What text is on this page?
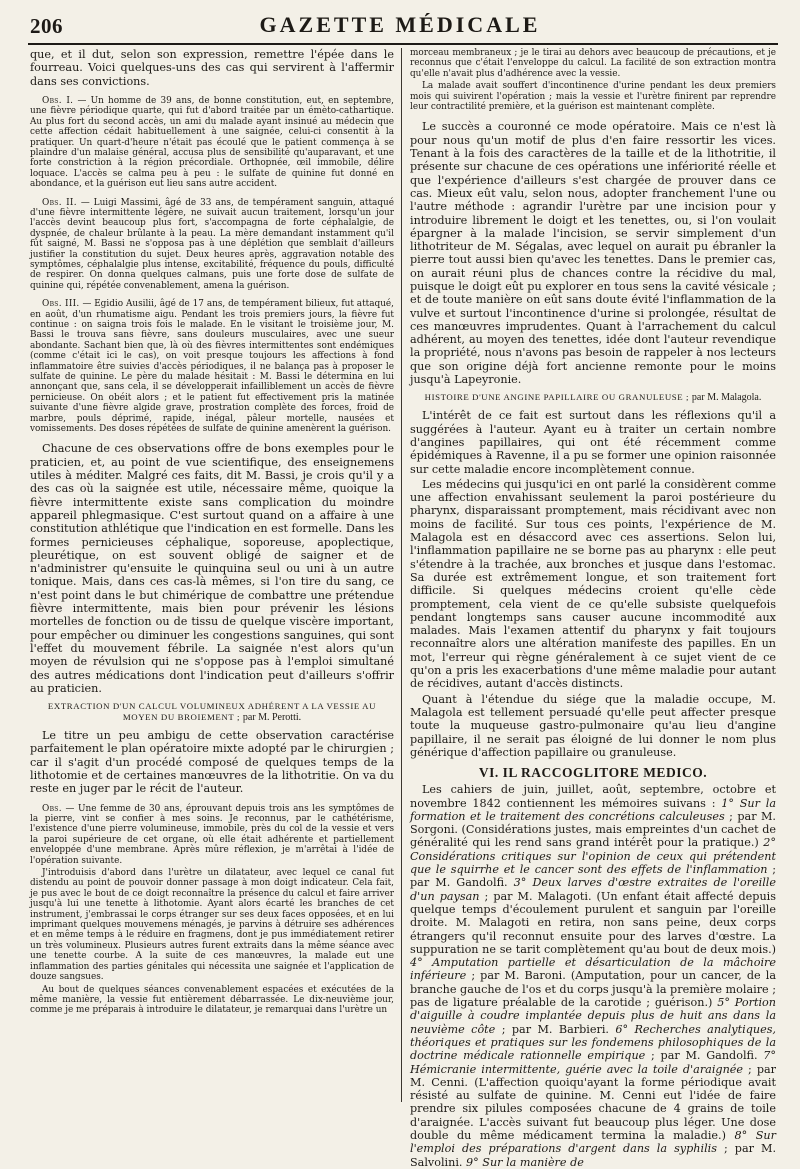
206	GAZETTE MÉDICALE

que, et il dut, selon son expression, remettre l'épée dans le fourreau. Voici quelques-uns des cas qui servirent à l'affermir dans ses convictions.

Obs. I. — Un homme de 39 ans, de bonne constitution, eut, en septembre, une fièvre périodique quarte, qui fut d'abord traitée par un émèto-cathartique. Au plus fort du second accès, un ami du malade ayant insinué au médecin que cette affection cédait habituellement à une saignée, celui-ci consentit à la pratiquer. Un quart-d'heure n'était pas écoulé que le patient commença à se plaindre d'un malaise général, accusa plus de sensibilité qu'auparavant, et une forte constriction à la région précordiale. Orthopnée, œil immobile, délire loquace. L'accès se calma peu à peu : le sulfate de quinine fut donné en abondance, et la guérison eut lieu sans autre accident.

Obs. II. — Luigi Massimi, âgé de 33 ans, de tempérament sanguin, attaqué d'une fièvre intermittente légère, ne suivait aucun traitement, lorsqu'un jour l'accès devint beaucoup plus fort, s'accompagna de forte céphalalgie, de dyspnée, de chaleur brûlante à la peau. La mère demandant instamment qu'il fût saigné, M. Bassi ne s'opposa pas à une déplétion que semblait d'ailleurs justifier la constitution du sujet. Deux heures après, aggravation notable des symptômes, céphalalgie plus intense, excitabilité, fréquence du pouls, difficulté de respirer. On donna quelques calmans, puis une forte dose de sulfate de quinine qui, répétée convenablement, amena la guérison.

Obs. III. — Egidio Ausilii, âgé de 17 ans, de tempérament bilieux, fut attaqué, en août, d'un rhumatisme aigu. Pendant les trois premiers jours, la fièvre fut continue : on saigna trois fois le malade. En le visitant le troisième jour, M. Bassi le trouva sans fièvre, sans douleurs musculaires, avec une sueur abondante. Sachant bien que, là où des fièvres intermittentes sont endémiques (comme c'était ici le cas), on voit presque toujours les affections à fond inflammatoire être suivies d'accès périodiques, il ne balança pas à proposer le sulfate de quinine. Le père du malade hésitait : M. Bassi le détermina en lui annonçant que, sans cela, il se développerait infailliblement un accès de fièvre pernicieuse. On obéit alors ; et le patient fut effectivement pris la matinée suivante d'une fièvre algide grave, prostration complète des forces, froid de marbre, pouls déprimé, rapide, inégal, pâleur mortelle, nausées et vomissements. Des doses répétées de sulfate de quinine amenèrent la guérison.

Chacune de ces observations offre de bons exemples pour le praticien, et, au point de vue scientifique, des enseignemens utiles à méditer. Malgré ces faits, dit M. Bassi, je crois qu'il y a des cas où la saignée est utile, nécessaire même, quoique la fièvre intermittente existe sans complication du moindre appareil phlegmasique. C'est surtout quand on a affaire à une constitution athlétique que l'indication en est formelle. Dans les formes pernicieuses céphalique, soporeuse, apoplectique, pleurétique, on est souvent obligé de saigner et de n'administrer qu'ensuite le quinquina seul ou uni à un autre tonique. Mais, dans ces cas-là mêmes, si l'on tire du sang, ce n'est point dans le but chimérique de combattre une prétendue fièvre intermittente, mais bien pour prévenir les lésions mortelles de fonction ou de tissu de quelque viscère important, pour empêcher ou diminuer les congestions sanguines, qui sont l'effet du mouvement fébrile. La saignée n'est alors qu'un moyen de révulsion qui ne s'oppose pas à l'emploi simultané des autres médications dont l'indication peut d'ailleurs s'offrir au praticien.

EXTRACTION D'UN CALCUL VOLUMINEUX ADHÉRENT A LA VESSIE AU MOYEN DU BROIEMENT ; par M. Perotti.

Le titre un peu ambigu de cette observation caractérise parfaitement le plan opératoire mixte adopté par le chirurgien ; car il s'agit d'un procédé composé de quelques temps de la lithotomie et de certaines manœuvres de la lithotritie. On va du reste en juger par le récit de l'auteur.

Obs. — Une femme de 30 ans, éprouvant depuis trois ans les symptômes de la pierre, vint se confier à mes soins. Je reconnus, par le cathétérisme, l'existence d'une pierre volumineuse, immobile, près du col de la vessie et vers la paroi supérieure de cet organe, où elle était adhérente et partiellement enveloppée d'une membrane. Après mûre réflexion, je m'arrêtai à l'idée de l'opération suivante.

J'introduisis d'abord dans l'urètre un dilatateur, avec lequel ce canal fut distendu au point de pouvoir donner passage à mon doigt indicateur. Cela fait, je pus avec le bout de ce doigt reconnaître la présence du calcul et faire arriver jusqu'à lui une tenette à lithotomie. Ayant alors écarté les branches de cet instrument, j'embrassai le corps étranger sur ses deux faces opposées, et en lui imprimant quelques mouvemens ménagés, je parvins à détruire ses adhérences et en même temps à le réduire en fragmens, dont je pus immédiatement retirer un très volumineux. Plusieurs autres furent extraits dans la même séance avec une tenette courbe. A la suite de ces manœuvres, la malade eut une inflammation des parties génitales qui nécessita une saignée et l'application de douze sangsues.

Au bout de quelques séances convenablement espacées et exécutées de la même manière, la vessie fut entièrement débarrassée. Le dix-neuvième jour, comme je me préparais à introduire le dilatateur, je remarquai dans l'urètre un

morceau membraneux ; je le tirai au dehors avec beaucoup de précautions, et je reconnus que c'était l'enveloppe du calcul. La facilité de son extraction montra qu'elle n'avait plus d'adhérence avec la vessie.

La malade avait souffert d'incontinence d'urine pendant les deux premiers mois qui suivirent l'opération ; mais la vessie et l'urètre finirent par reprendre leur contractilité première, et la guérison est maintenant complète.

Le succès a couronné ce mode opératoire. Mais ce n'est là pour nous qu'un motif de plus d'en faire ressortir les vices. Tenant à la fois des caractères de la taille et de la lithotritie, il présente sur chacune de ces opérations une infériorité réelle et que l'expérience d'ailleurs s'est chargée de prouver dans ce cas. Mieux eût valu, selon nous, adopter franchement l'une ou l'autre méthode : agrandir l'urètre par une incision pour y introduire librement le doigt et les tenettes, ou, si l'on voulait épargner à la malade l'incision, se servir simplement d'un lithotriteur de M. Ségalas, avec lequel on aurait pu ébranler la pierre tout aussi bien qu'avec les tenettes. Dans le premier cas, on aurait réuni plus de chances contre la récidive du mal, puisque le doigt eût pu explorer en tous sens la cavité vésicale ; et de toute manière on eût sans doute évité l'inflammation de la vulve et surtout l'incontinence d'urine si prolongée, résultat de ces manœuvres imprudentes. Quant à l'arrachement du calcul adhérent, au moyen des tenettes, idée dont l'auteur revendique la propriété, nous n'avons pas besoin de rappeler à nos lecteurs que son origine déjà fort ancienne remonte pour le moins jusqu'à Lapeyronie.

HISTOIRE D'UNE ANGINE PAPILLAIRE OU GRANULEUSE ; par M. Malagola.

L'intérêt de ce fait est surtout dans les réflexions qu'il a suggérées à l'auteur. Ayant eu à traiter un certain nombre d'angines papillaires, qui ont été récemment comme épidémiques à Ravenne, il a pu se former une opinion raisonnée sur cette maladie encore incomplètement connue.

Les médecins qui jusqu'ici en ont parlé la considèrent comme une affection envahissant seulement la paroi postérieure du pharynx, disparaissant promptement, mais récidivant avec non moins de facilité. Sur tous ces points, l'expérience de M. Malagola est en désaccord avec ces assertions. Selon lui, l'inflammation papillaire ne se borne pas au pharynx : elle peut s'étendre à la trachée, aux bronches et jusque dans l'estomac. Sa durée est extrêmement longue, et son traitement fort difficile. Si quelques médecins croient qu'elle cède promptement, cela vient de ce qu'elle subsiste quelquefois pendant longtemps sans causer aucune incommodité aux malades. Mais l'examen attentif du pharynx y fait toujours reconnaître alors une altération manifeste des papilles. En un mot, l'erreur qui règne généralement à ce sujet vient de ce qu'on a pris les exacerbations d'une même maladie pour autant de récidives, autant d'accès distincts.

Quant à l'étendue du siége que la maladie occupe, M. Malagola est tellement persuadé qu'elle peut affecter presque toute la muqueuse gastro-pulmonaire qu'au lieu d'angine papillaire, il ne serait pas éloigné de lui donner le nom plus générique d'affection papillaire ou granuleuse.

VI. IL RACCOGLITORE MEDICO.

Les cahiers de juin, juillet, août, septembre, octobre et novembre 1842 contiennent les mémoires suivans : 1° Sur la formation et le traitement des concrétions calculeuses ; par M. Sorgoni. (Considérations justes, mais empreintes d'un cachet de généralité qui les rend sans grand intérêt pour la pratique.) 2° Considérations critiques sur l'opinion de ceux qui prétendent que le squirrhe et le cancer sont des effets de l'inflammation ; par M. Gandolfi. 3° Deux larves d'œstre extraites de l'oreille d'un paysan ; par M. Malagoti. (Un enfant était affecté depuis quelque temps d'écoulement purulent et sanguin par l'oreille droite. M. Malagoti en retira, non sans peine, deux corps étrangers qu'il reconnut ensuite pour des larves d'œstre. La suppuration ne se tarit complètement qu'au bout de deux mois.) 4° Amputation partielle et désarticulation de la mâchoire inférieure ; par M. Baroni. (Amputation, pour un cancer, de la branche gauche de l'os et du corps jusqu'à la première molaire ; pas de ligature préalable de la carotide ; guérison.) 5° Portion d'aiguille à coudre implantée depuis plus de huit ans dans la neuvième côte ; par M. Barbieri. 6° Recherches analytiques, théoriques et pratiques sur les fondemens philosophiques de la doctrine médicale rationnelle empirique ; par M. Gandolfi. 7° Hémicranie intermittente, guérie avec la toile d'araignée ; par M. Cenni. (L'affection quoiqu'ayant la forme périodique avait résisté au sulfate de quinine. M. Cenni eut l'idée de faire prendre six pilules composées chacune de 4 grains de toile d'araignée. L'accès suivant fut beaucoup plus léger. Une dose double du même médicament termina la maladie.) 8° Sur l'emploi des préparations d'argent dans la syphilis ; par M. Salvolini. 9° Sur la manière de
